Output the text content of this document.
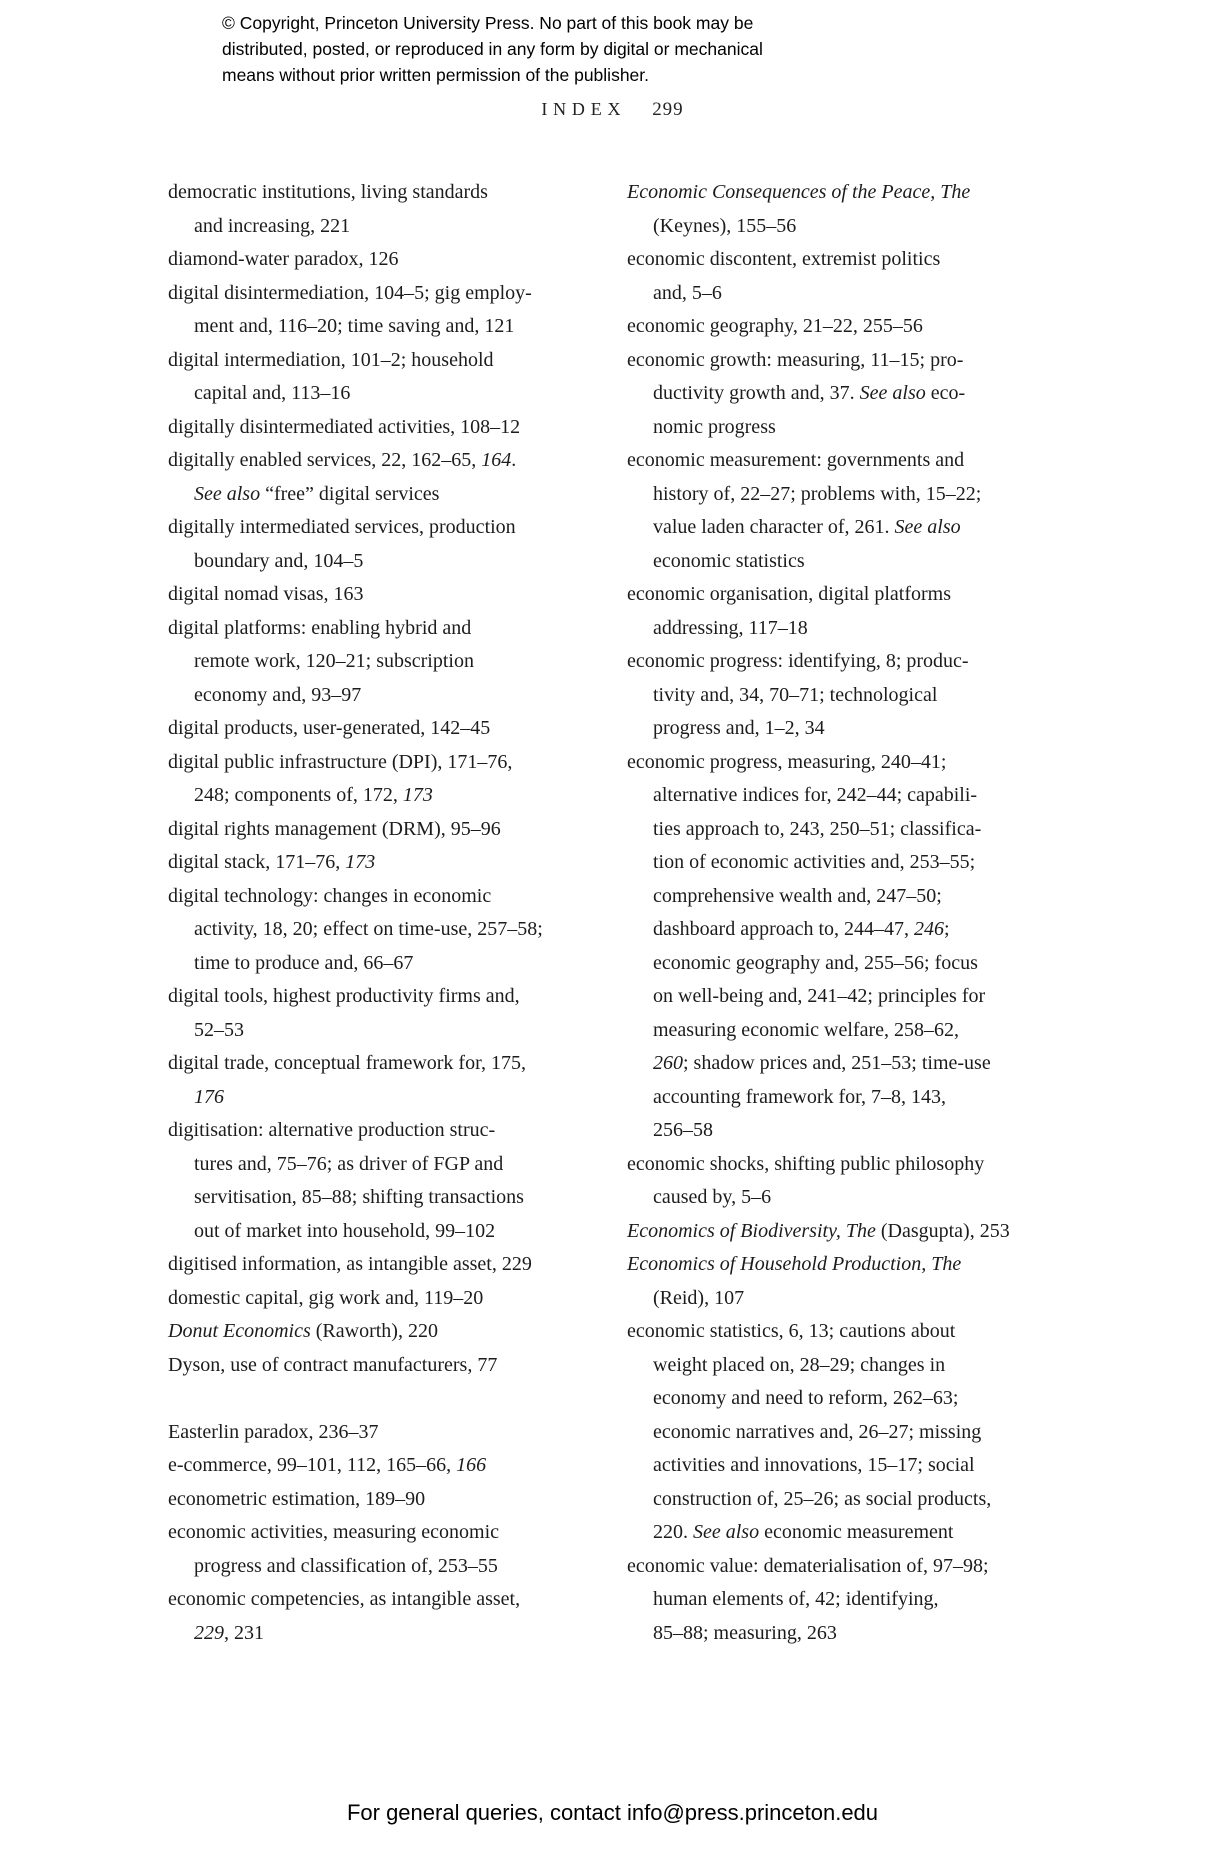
© Copyright, Princeton University Press. No part of this book may be
distributed, posted, or reproduced in any form by digital or mechanical
means without prior written permission of the publisher.
INDEX 299
democratic institutions, living standards
and increasing, 221
diamond-water paradox, 126
digital disintermediation, 104–5; gig employ-
ment and, 116–20; time saving and, 121
digital intermediation, 101–2; household
capital and, 113–16
digitally disintermediated activities, 108–12
digitally enabled services, 22, 162–65, 164.
See also “free” digital services
digitally intermediated services, production
boundary and, 104–5
digital nomad visas, 163
digital platforms: enabling hybrid and
remote work, 120–21; subscription
economy and, 93–97
digital products, user-generated, 142–45
digital public infrastructure (DPI), 171–76,
248; components of, 172, 173
digital rights management (DRM), 95–96
digital stack, 171–76, 173
digital technology: changes in economic
activity, 18, 20; effect on time-use, 257–58;
time to produce and, 66–67
digital tools, highest productivity firms and,
52–53
digital trade, conceptual framework for, 175,
176
digitisation: alternative production struc-
tures and, 75–76; as driver of FGP and
servitisation, 85–88; shifting transactions
out of market into household, 99–102
digitised information, as intangible asset, 229
domestic capital, gig work and, 119–20
Donut Economics (Raworth), 220
Dyson, use of contract manufacturers, 77
Easterlin paradox, 236–37
e-commerce, 99–101, 112, 165–66, 166
econometric estimation, 189–90
economic activities, measuring economic
progress and classification of, 253–55
economic competencies, as intangible asset,
229, 231
Economic Consequences of the Peace, The
(Keynes), 155–56
economic discontent, extremist politics
and, 5–6
economic geography, 21–22, 255–56
economic growth: measuring, 11–15; pro-
ductivity growth and, 37. See also eco-
nomic progress
economic measurement: governments and
history of, 22–27; problems with, 15–22;
value laden character of, 261. See also
economic statistics
economic organisation, digital platforms
addressing, 117–18
economic progress: identifying, 8; produc-
tivity and, 34, 70–71; technological
progress and, 1–2, 34
economic progress, measuring, 240–41;
alternative indices for, 242–44; capabili-
ties approach to, 243, 250–51; classifica-
tion of economic activities and, 253–55;
comprehensive wealth and, 247–50;
dashboard approach to, 244–47, 246;
economic geography and, 255–56; focus
on well-being and, 241–42; principles for
measuring economic welfare, 258–62,
260; shadow prices and, 251–53; time-use
accounting framework for, 7–8, 143,
256–58
economic shocks, shifting public philosophy
caused by, 5–6
Economics of Biodiversity, The (Dasgupta), 253
Economics of Household Production, The
(Reid), 107
economic statistics, 6, 13; cautions about
weight placed on, 28–29; changes in
economy and need to reform, 262–63;
economic narratives and, 26–27; missing
activities and innovations, 15–17; social
construction of, 25–26; as social products,
220. See also economic measurement
economic value: dematerialisation of, 97–98;
human elements of, 42; identifying,
85–88; measuring, 263
For general queries, contact info@press.princeton.edu
